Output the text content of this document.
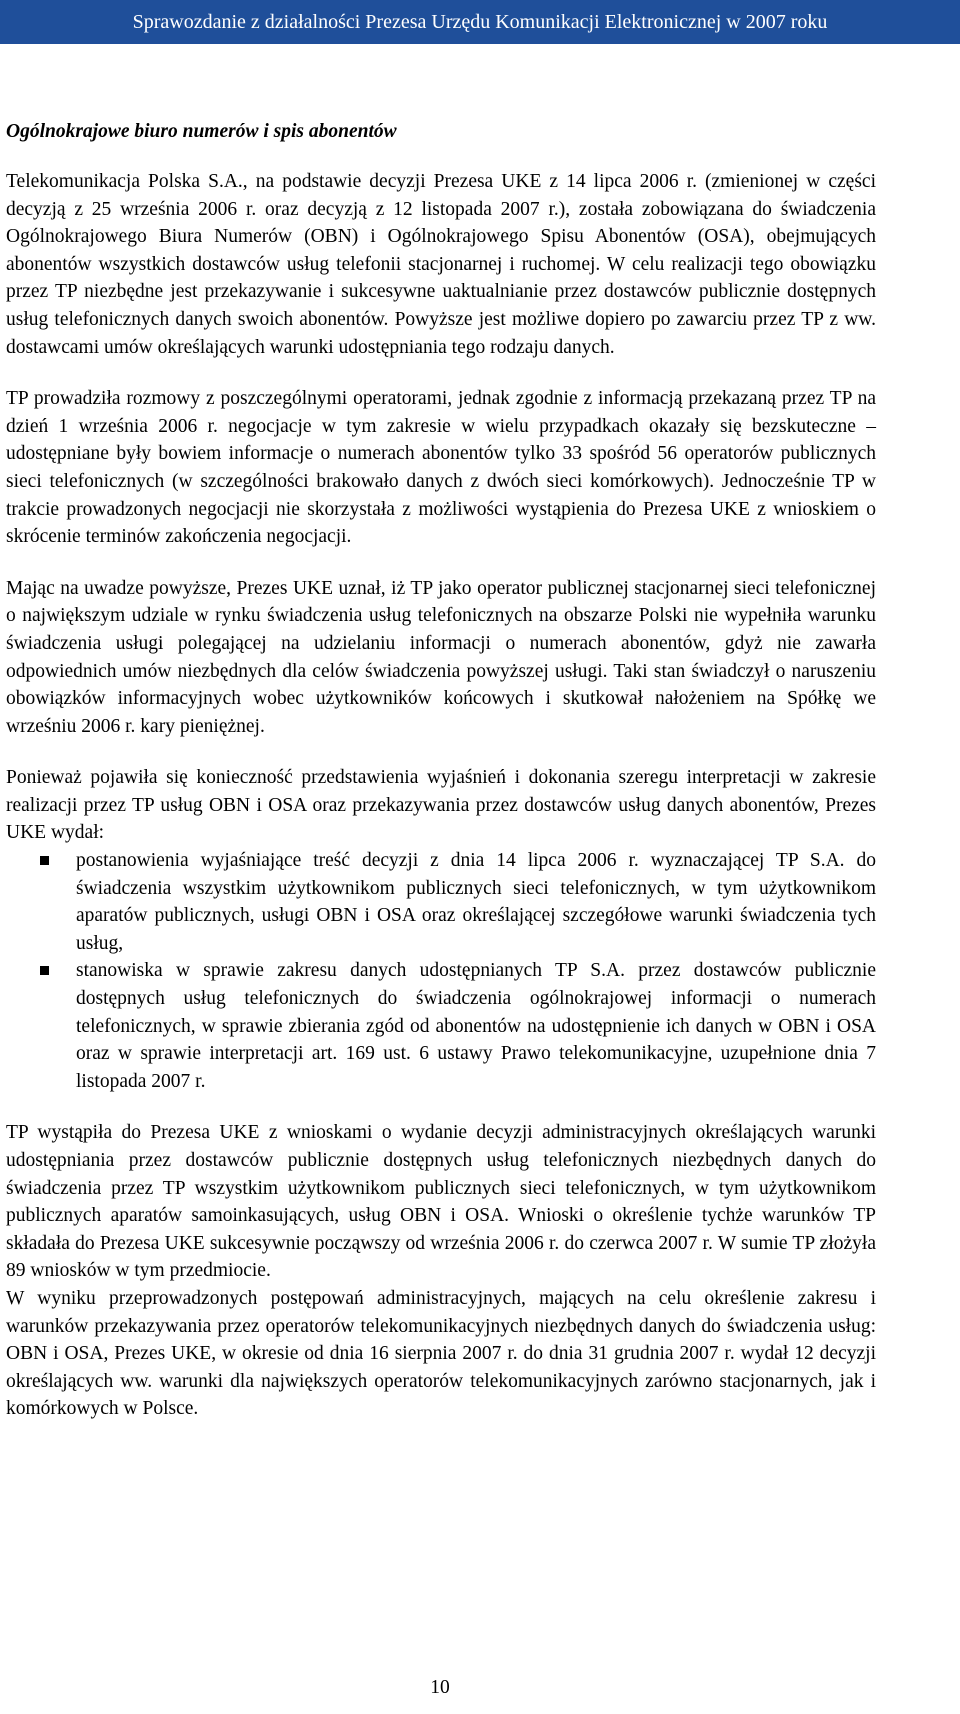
Sprawozdanie z działalności Prezesa Urzędu Komunikacji Elektronicznej w 2007 roku
Ogólnokrajowe biuro numerów i spis abonentów

Telekomunikacja Polska S.A., na podstawie decyzji Prezesa UKE z 14 lipca 2006 r. (zmienionej w części decyzją z 25 września 2006 r. oraz decyzją z 12 listopada 2007 r.), została zobowiązana do świadczenia Ogólnokrajowego Biura Numerów (OBN) i Ogólnokrajowego Spisu Abonentów (OSA), obejmujących abonentów wszystkich dostawców usług telefonii stacjonarnej i ruchomej. W celu realizacji tego obowiązku przez TP niezbędne jest przekazywanie i sukcesywne uaktualnianie przez dostawców publicznie dostępnych usług telefonicznych danych swoich abonentów. Powyższe jest możliwe dopiero po zawarciu przez TP z ww. dostawcami umów określających warunki udostępniania tego rodzaju danych.

TP prowadziła rozmowy z poszczególnymi operatorami, jednak zgodnie z informacją przekazaną przez TP na dzień 1 września 2006 r. negocjacje w tym zakresie w wielu przypadkach okazały się bezskuteczne – udostępniane były bowiem informacje o numerach abonentów tylko 33 spośród 56 operatorów publicznych sieci telefonicznych (w szczególności brakowało danych z dwóch sieci komórkowych). Jednocześnie TP w trakcie prowadzonych negocjacji nie skorzystała z możliwości wystąpienia do Prezesa UKE z wnioskiem o skrócenie terminów zakończenia negocjacji.

Mając na uwadze powyższe, Prezes UKE uznał, iż TP jako operator publicznej stacjonarnej sieci telefonicznej o największym udziale w rynku świadczenia usług telefonicznych na obszarze Polski nie wypełniła warunku świadczenia usługi polegającej na udzielaniu informacji o numerach abonentów, gdyż nie zawarła odpowiednich umów niezbędnych dla celów świadczenia powyższej usługi. Taki stan świadczył o naruszeniu obowiązków informacyjnych wobec użytkowników końcowych i skutkował nałożeniem na Spółkę we wrześniu 2006 r. kary pieniężnej.

Ponieważ pojawiła się konieczność przedstawienia wyjaśnień i dokonania szeregu interpretacji w zakresie realizacji przez TP usług OBN i OSA oraz przekazywania przez dostawców usług danych abonentów, Prezes UKE wydał:

postanowienia wyjaśniające treść decyzji z dnia 14 lipca 2006 r. wyznaczającej TP S.A. do świadczenia wszystkim użytkownikom publicznych sieci telefonicznych, w tym użytkownikom aparatów publicznych, usługi OBN i OSA oraz określającej szczegółowe warunki świadczenia tych usług,
stanowiska w sprawie zakresu danych udostępnianych TP S.A. przez dostawców publicznie dostępnych usług telefonicznych do świadczenia ogólnokrajowej informacji o numerach telefonicznych, w sprawie zbierania zgód od abonentów na udostępnienie ich danych w OBN i OSA oraz w sprawie interpretacji art. 169 ust. 6 ustawy Prawo telekomunikacyjne, uzupełnione dnia 7 listopada 2007 r.

TP wystąpiła do Prezesa UKE z wnioskami o wydanie decyzji administracyjnych określających warunki udostępniania przez dostawców publicznie dostępnych usług telefonicznych niezbędnych danych do świadczenia przez TP wszystkim użytkownikom publicznych sieci telefonicznych, w tym użytkownikom publicznych aparatów samoinkasujących, usług OBN i OSA. Wnioski o określenie tychże warunków TP składała do Prezesa UKE sukcesywnie począwszy od września 2006 r. do czerwca 2007 r. W sumie TP złożyła 89 wniosków w tym przedmiocie.

W wyniku przeprowadzonych postępowań administracyjnych, mających na celu określenie zakresu i warunków przekazywania przez operatorów telekomunikacyjnych niezbędnych danych do świadczenia usług: OBN i OSA, Prezes UKE, w okresie od dnia 16 sierpnia 2007 r. do dnia 31 grudnia 2007 r. wydał 12 decyzji określających ww. warunki dla największych operatorów telekomunikacyjnych zarówno stacjonarnych, jak i komórkowych w Polsce.

10
